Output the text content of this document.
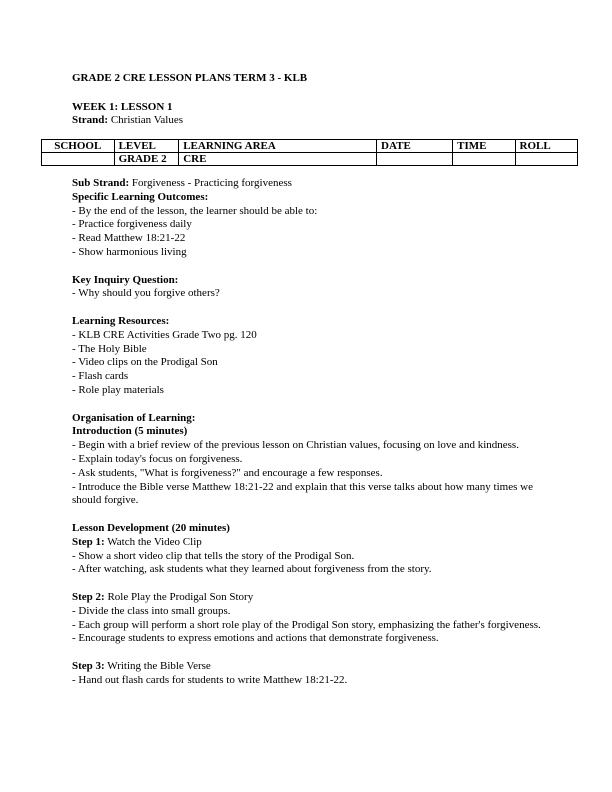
GRADE 2 CRE LESSON PLANS TERM 3 - KLB
WEEK 1: LESSON 1
Strand: Christian Values
SCHOOL	LEVEL	LEARNING AREA	DATE	TIME	ROLL
	GRADE 2	CRE			

Sub Strand: Forgiveness - Practicing forgiveness

Specific Learning Outcomes:

- By the end of the lesson, the learner should be able to:

- Practice forgiveness daily

- Read Matthew 18:21-22

- Show harmonious living

Key Inquiry Question:

- Why should you forgive others?

Learning Resources:

- KLB CRE Activities Grade Two pg. 120

- The Holy Bible

- Video clips on the Prodigal Son

- Flash cards

- Role play materials

Organisation of Learning:

Introduction (5 minutes)

- Begin with a brief review of the previous lesson on Christian values, focusing on love and kindness.

- Explain today's focus on forgiveness.

- Ask students, "What is forgiveness?" and encourage a few responses.

- Introduce the Bible verse Matthew 18:21-22 and explain that this verse talks about how many times we should forgive.

Lesson Development (20 minutes)

Step 1: Watch the Video Clip

- Show a short video clip that tells the story of the Prodigal Son.

- After watching, ask students what they learned about forgiveness from the story.

Step 2: Role Play the Prodigal Son Story

- Divide the class into small groups.

- Each group will perform a short role play of the Prodigal Son story, emphasizing the father's forgiveness.

- Encourage students to express emotions and actions that demonstrate forgiveness.

Step 3: Writing the Bible Verse

- Hand out flash cards for students to write Matthew 18:21-22.
